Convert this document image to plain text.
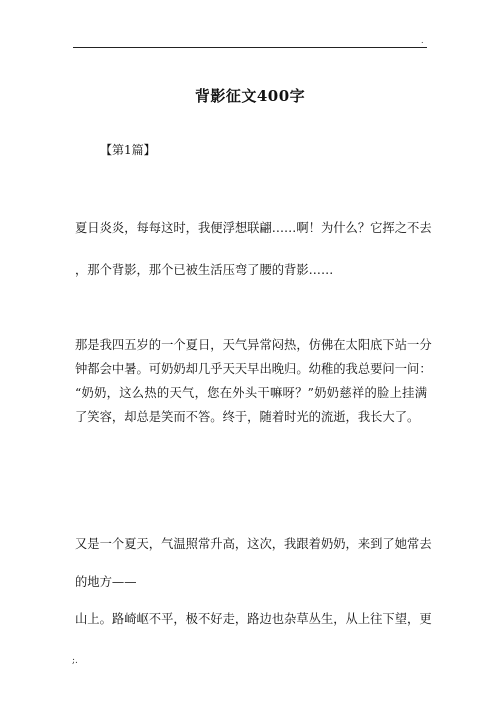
.
背影征文400字
【第1篇】
夏日炎炎，每每这时，我便浮想联翩……啊！为什么？它挥之不去
，那个背影，那个已被生活压弯了腰的背影……
那是我四五岁的一个夏日，天气异常闷热，仿佛在太阳底下站一分
钟都会中暑。可奶奶却几乎天天早出晚归。幼稚的我总要问一问：
“奶奶，这么热的天气，您在外头干嘛呀？”奶奶慈祥的脸上挂满
了笑容，却总是笑而不答。终于，随着时光的流逝，我长大了。
又是一个夏天，气温照常升高，这次，我跟着奶奶，来到了她常去
的地方——
山上。路崎岖不平，极不好走，路边也杂草丛生，从上往下望，更
;.
